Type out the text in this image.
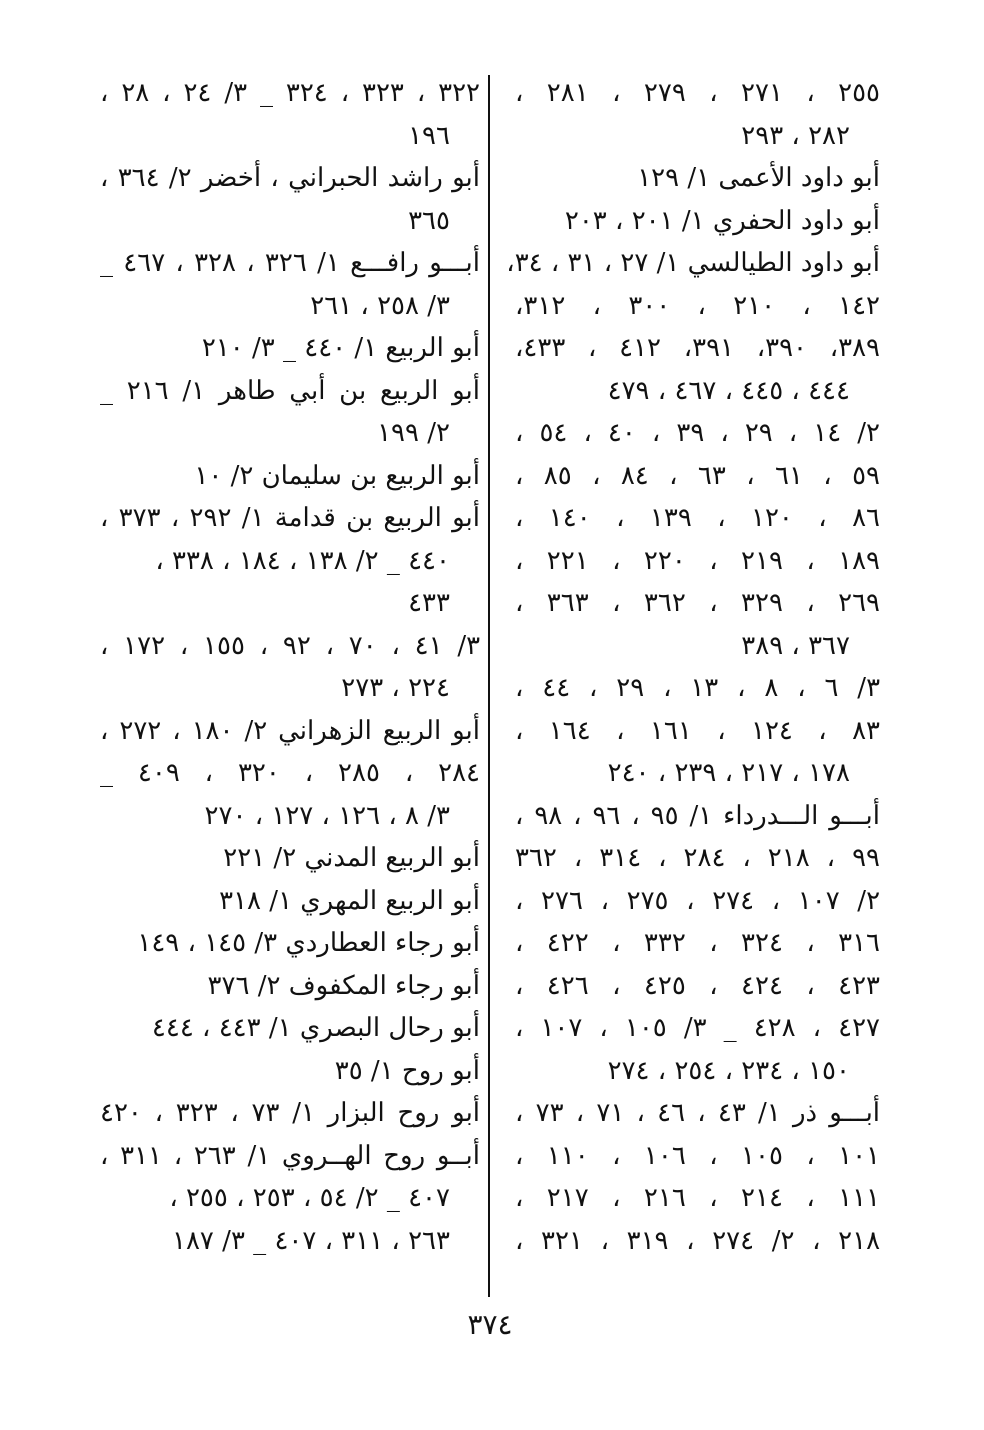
٢٥٥ ، ٢٧١ ، ٢٧٩ ، ٢٨١ ،
٢٨٢ ، ٢٩٣
أبو داود الأعمى ١/ ١٢٩
أبو داود الحفري ١/ ٢٠١ ، ٢٠٣
أبو داود الطيالسي ١/ ٢٧ ، ٣١ ، ٣٤،
١٤٢ ، ٢١٠ ، ٣٠٠ ، ٣١٢،
٣٨٩، ٣٩٠، ٣٩١، ٤١٢ ، ٤٣٣،
٤٤٤ ، ٤٤٥ ، ٤٦٧ ، ٤٧٩
٢/ ١٤ ، ٢٩ ، ٣٩ ، ٤٠ ، ٥٤ ،
٥٩ ، ٦١ ، ٦٣ ، ٨٤ ، ٨٥ ،
٨٦ ، ١٢٠ ، ١٣٩ ، ١٤٠ ،
١٨٩ ، ٢١٩ ، ٢٢٠ ، ٢٢١ ،
٢٦٩ ، ٣٢٩ ، ٣٦٢ ، ٣٦٣ ،
٣٦٧ ، ٣٨٩
٣/ ٦ ، ٨ ، ١٣ ، ٢٩ ، ٤٤ ،
٨٣ ، ١٢٤ ، ١٦١ ، ١٦٤ ،
١٧٨ ، ٢١٧ ، ٢٣٩ ، ٢٤٠
أبـــو الـــدرداء ١/ ٩٥ ، ٩٦ ، ٩٨ ،
٩٩ ، ٢١٨ ، ٢٨٤ ، ٣١٤ ، ٣٦٢
٢/ ١٠٧ ، ٢٧٤ ، ٢٧٥ ، ٢٧٦ ،
٣١٦ ، ٣٢٤ ، ٣٣٢ ، ٤٢٢ ،
٤٢٣ ، ٤٢٤ ، ٤٢٥ ، ٤٢٦ ،
٤٢٧ ، ٤٢٨ _ ٣/ ١٠٥ ، ١٠٧ ،
١٥٠ ، ٢٣٤ ، ٢٥٤ ، ٢٧٤
أبـــو ذر ١/ ٤٣ ، ٤٦ ، ٧١ ، ٧٣ ،
١٠١ ، ١٠٥ ، ١٠٦ ، ١١٠ ،
١١١ ، ٢١٤ ، ٢١٦ ، ٢١٧ ،
٢١٨ ، ٢/ ٢٧٤ ، ٣١٩ ، ٣٢١ ،
٣٢٢ ، ٣٢٣ ، ٣٢٤ _ ٣/ ٢٤ ، ٢٨ ،
١٩٦
أبو راشد الحبراني ، أخضر ٢/ ٣٦٤ ،
٣٦٥
أبـــو رافـــع ١/ ٣٢٦ ، ٣٢٨ ، ٤٦٧ _
٣/ ٢٥٨ ، ٢٦١
أبو الربيع ١/ ٤٤٠ _ ٣/ ٢١٠
أبو الربيع بن أبي طاهر ١/ ٢١٦ _
٢/ ١٩٩
أبو الربيع بن سليمان ٢/ ١٠
أبو الربيع بن قدامة ١/ ٢٩٢ ، ٣٧٣ ،
٤٤٠ _ ٢/ ١٣٨ ، ١٨٤ ، ٣٣٨ ،
٤٣٣
٣/ ٤١ ، ٧٠ ، ٩٢ ، ١٥٥ ، ١٧٢ ،
٢٢٤ ، ٢٧٣
أبو الربيع الزهراني ٢/ ١٨٠ ، ٢٧٢ ،
٢٨٤ ، ٢٨٥ ، ٣٢٠ ، ٤٠٩ _
٣/ ٨ ، ١٢٦ ، ١٢٧ ، ٢٧٠
أبو الربيع المدني ٢/ ٢٢١
أبو الربيع المهري ١/ ٣١٨
أبو رجاء العطاردي ٣/ ١٤٥ ، ١٤٩
أبو رجاء المكفوف ٢/ ٣٧٦
أبو رحال البصري ١/ ٤٤٣ ، ٤٤٤
أبو روح ١/ ٣٥
أبو روح البزار ١/ ٧٣ ، ٣٢٣ ، ٤٢٠
أبــو روح الهــروي ١/ ٢٦٣ ، ٣١١ ،
٤٠٧ _ ٢/ ٥٤ ، ٢٥٣ ، ٢٥٥ ،
٢٦٣ ، ٣١١ ، ٤٠٧ _ ٣/ ١٨٧
٣٧٤
